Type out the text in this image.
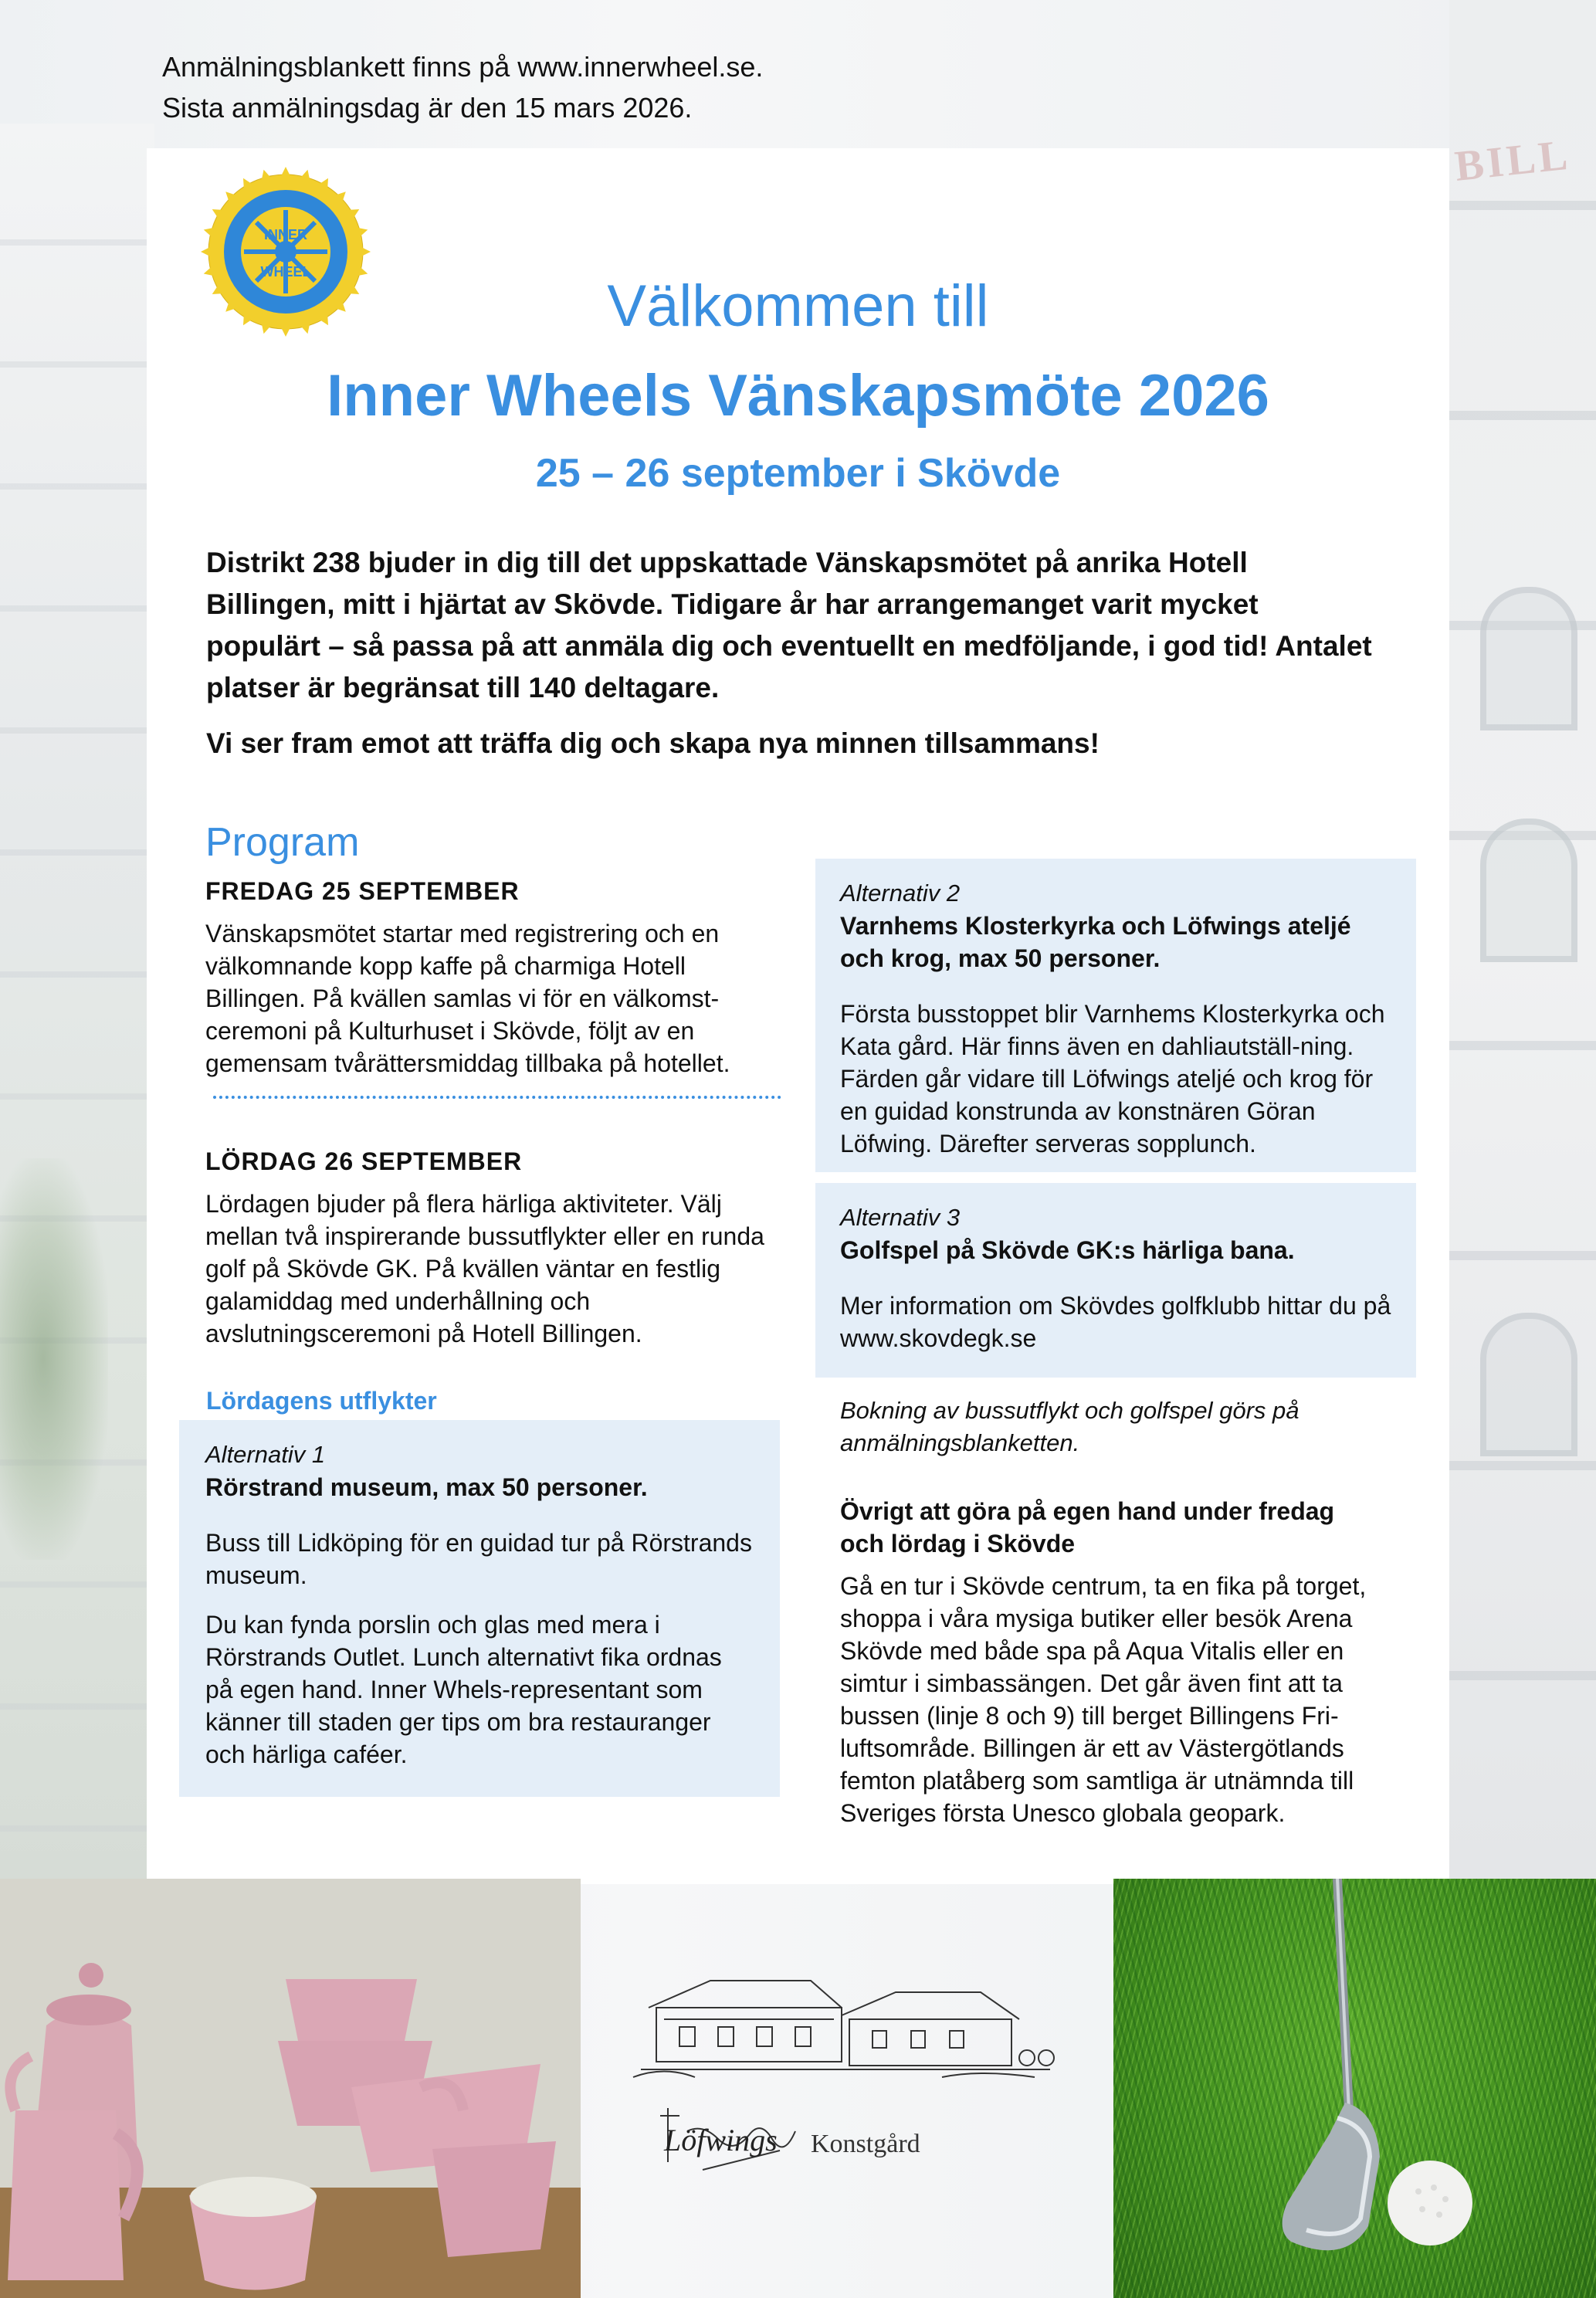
BILL
Anmälningsblankett finns på www.innerwheel.se.
Sista anmälningsdag är den 15 mars 2026.
INNER
WHEEL
Välkommen till
Inner Wheels Vänskapsmöte 2026
25 – 26 september i Skövde

Distrikt 238 bjuder in dig till det uppskattade Vänskapsmötet på anrika Hotell Billingen, mitt i hjärtat av Skövde. Tidigare år har arrangemanget varit mycket populärt – så passa på att anmäla dig och eventuellt en medföljande, i god tid! Antalet platser är begränsat till 140 deltagare.

Vi ser fram emot att träffa dig och skapa nya minnen tillsammans!

Program
FREDAG 25 SEPTEMBER
Vänskapsmötet startar med registrering och en välkomnande kopp kaffe på charmiga Hotell Billingen. På kvällen samlas vi för en välkomst-ceremoni på Kulturhuset i Skövde, följt av en gemensam tvårättersmiddag tillbaka på hotellet.
LÖRDAG 26 SEPTEMBER
Lördagen bjuder på flera härliga aktiviteter. Välj mellan två inspirerande bussutflykter eller en runda golf på Skövde GK. På kvällen väntar en festlig galamiddag med underhållning och avslutningsceremoni på Hotell Billingen.
Lördagens utflykter
Alternativ 1
Rörstrand museum, max 50 personer.
Buss till Lidköping för en guidad tur på Rörstrands museum.
Du kan fynda porslin och glas med mera i Rörstrands Outlet. Lunch alternativt fika ordnas på egen hand. Inner Whels-representant som känner till staden ger tips om bra restauranger och härliga caféer.
Alternativ 2
Varnhems Klosterkyrka och Löfwings ateljé och krog, max 50 personer.
Första busstoppet blir Varnhems Klosterkyrka och Kata gård. Här finns även en dahliautställ-ning. Färden går vidare till Löfwings ateljé och krog för en guidad konstrunda av konstnären Göran Löfwing. Därefter serveras sopplunch.
Alternativ 3
Golfspel på Skövde GK:s härliga bana.
Mer information om Skövdes golfklubb hittar du på www.skovdegk.se
Bokning av bussutflykt och golfspel görs på anmälningsblanketten.
Övrigt att göra på egen hand under fredag och lördag i Skövde
Gå en tur i Skövde centrum, ta en fika på torget, shoppa i våra mysiga butiker eller besök Arena Skövde med både spa på Aqua Vitalis eller en simtur i simbassängen. Det går även fint att ta bussen (linje 8 och 9) till berget Billingens Fri-luftsområde. Billingen är ett av Västergötlands femton platåberg som samtliga är utnämnda till Sveriges första Unesco globala geopark.
Löfwings Konstgård
